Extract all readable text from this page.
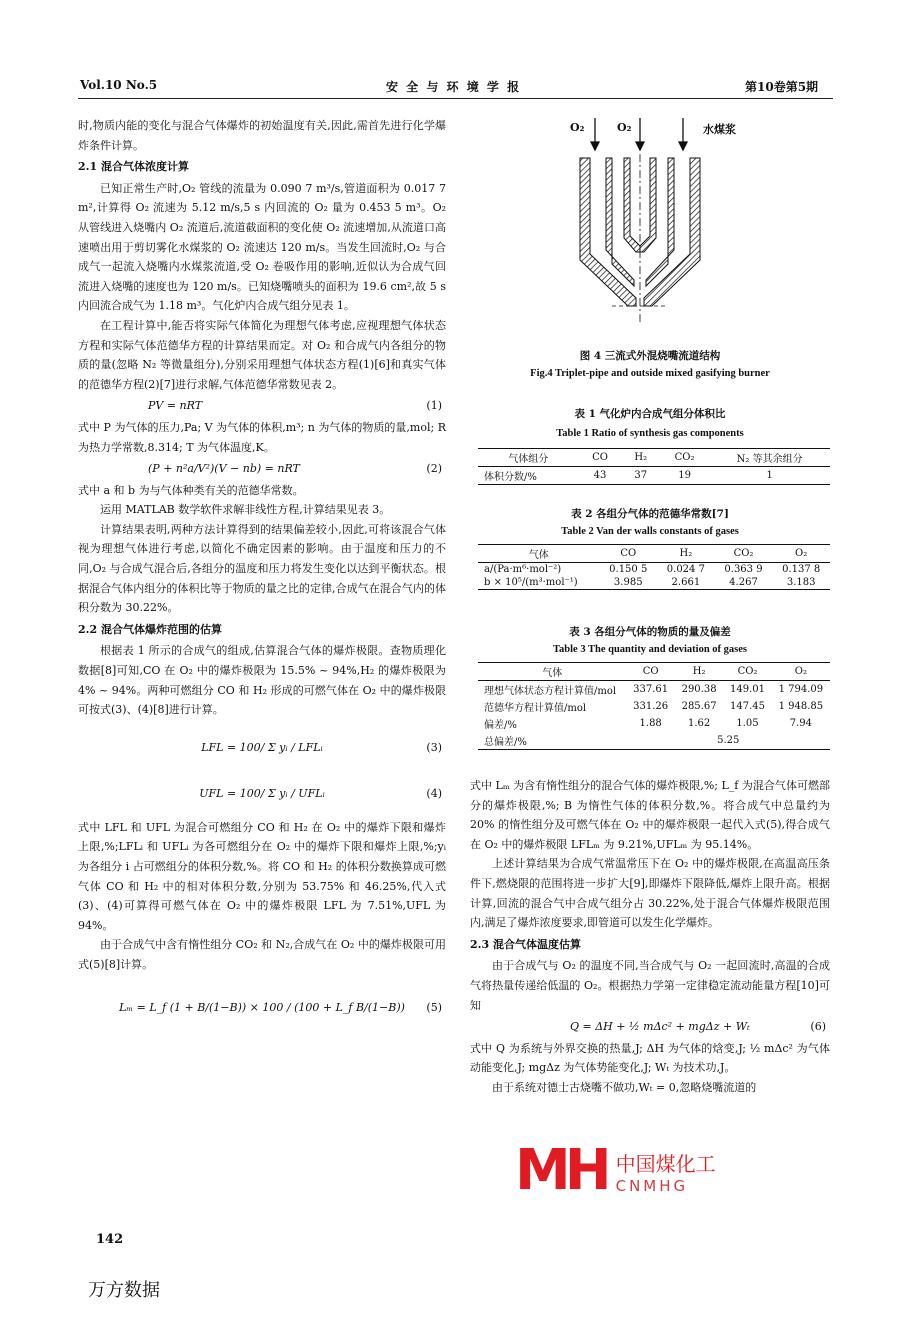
Vol.10 No.5	安 全 与 环 境 学 报	第10卷第5期

时,物质内能的变化与混合气体爆炸的初始温度有关,因此,需首先进行化学爆炸条件计算。

2.1 混合气体浓度计算

已知正常生产时,O₂ 管线的流量为 0.090 7 m³/s,管道面积为 0.017 7 m²,计算得 O₂ 流速为 5.12 m/s,5 s 内回流的 O₂ 量为 0.453 5 m³。O₂ 从管线进入烧嘴内 O₂ 流道后,流道截面积的变化使 O₂ 流速增加,从流道口高速喷出用于剪切雾化水煤浆的 O₂ 流速达 120 m/s。当发生回流时,O₂ 与合成气一起流入烧嘴内水煤浆流道,受 O₂ 卷吸作用的影响,近似认为合成气回流进入烧嘴的速度也为 120 m/s。已知烧嘴喷头的面积为 19.6 cm²,故 5 s 内回流合成气为 1.18 m³。气化炉内合成气组分见表 1。

在工程计算中,能否将实际气体简化为理想气体考虑,应视理想气体状态方程和实际气体范德华方程的计算结果而定。对 O₂ 和合成气内各组分的物质的量(忽略 N₂ 等微量组分),分别采用理想气体状态方程(1)[6]和真实气体的范德华方程(2)[7]进行求解,气体范德华常数见表 2。

PV = nRT	(1)

式中 P 为气体的压力,Pa; V 为气体的体积,m³; n 为气体的物质的量,mol; R 为热力学常数,8.314; T 为气体温度,K。

(P + n²a/V²)(V − nb) = nRT	(2)

式中 a 和 b 为与气体种类有关的范德华常数。

运用 MATLAB 数学软件求解非线性方程,计算结果见表 3。

计算结果表明,两种方法计算得到的结果偏差较小,因此,可将该混合气体视为理想气体进行考虑,以简化不确定因素的影响。由于温度和压力的不同,O₂ 与合成气混合后,各组分的温度和压力将发生变化以达到平衡状态。根据混合气体内组分的体积比等于物质的量之比的定律,合成气在混合气内的体积分数为 30.22%。

2.2 混合气体爆炸范围的估算

根据表 1 所示的合成气的组成,估算混合气体的爆炸极限。查物质理化数据[8]可知,CO 在 O₂ 中的爆炸极限为 15.5% ~ 94%,H₂ 的爆炸极限为 4% ~ 94%。两种可燃组分 CO 和 H₂ 形成的可燃气体在 O₂ 中的爆炸极限可按式(3)、(4)[8]进行计算。

LFL = 100/ Σ yᵢ / LFLᵢ	(3)
UFL = 100/ Σ yᵢ / UFLᵢ	(4)

式中 LFL 和 UFL 为混合可燃组分 CO 和 H₂ 在 O₂ 中的爆炸下限和爆炸上限,%;LFLᵢ 和 UFLᵢ 为各可燃组分在 O₂ 中的爆炸下限和爆炸上限,%;yᵢ 为各组分 i 占可燃组分的体积分数,%。将 CO 和 H₂ 的体积分数换算成可燃气体 CO 和 H₂ 中的相对体积分数,分别为 53.75% 和 46.25%,代入式(3)、(4)可算得可燃气体在 O₂ 中的爆炸极限 LFL 为 7.51%,UFL 为 94%。

由于合成气中含有惰性组分 CO₂ 和 N₂,合成气在 O₂ 中的爆炸极限可用式(5)[8]计算。

Lₘ = L_f (1 + B/(1−B)) × 100 / (100 + L_f B/(1−B)) (5)
O₂	O₂	水煤浆
图 4 三流式外混烧嘴流道结构
Fig.4 Triplet-pipe and outside mixed gasifying burner
表 1 气化炉内合成气组分体积比
Table 1 Ratio of synthesis gas components
气体组分	CO	H₂	CO₂	N₂ 等其余组分
体积分数/%	43	37	19	1
表 2 各组分气体的范德华常数[7]
Table 2 Van der walls constants of gases
气体	CO	H₂	CO₂	O₂
a/(Pa·m⁶·mol⁻²)	0.150 5	0.024 7	0.363 9	0.137 8
b × 10⁵/(m³·mol⁻¹)	3.985	2.661	4.267	3.183
表 3 各组分气体的物质的量及偏差
Table 3 The quantity and deviation of gases
气体	CO	H₂	CO₂	O₂
理想气体状态方程计算值/mol	337.61	290.38	149.01	1 794.09
范德华方程计算值/mol	331.26	285.67	147.45	1 948.85
偏差/%	1.88	1.62	1.05	7.94
总偏差/%	5.25			

式中 Lₘ 为含有惰性组分的混合气体的爆炸极限,%; L_f 为混合气体可燃部分的爆炸极限,%; B 为惰性气体的体积分数,%。将合成气中总量约为 20% 的惰性组分及可燃气体在 O₂ 中的爆炸极限一起代入式(5),得合成气在 O₂ 中的爆炸极限 LFLₘ 为 9.21%,UFLₘ 为 95.14%。

上述计算结果为合成气常温常压下在 O₂ 中的爆炸极限,在高温高压条件下,燃烧限的范围将进一步扩大[9],即爆炸下限降低,爆炸上限升高。根据计算,回流的混合气中合成气组分占 30.22%,处于混合气体爆炸极限范围内,满足了爆炸浓度要求,即管道可以发生化学爆炸。

2.3 混合气体温度估算

由于合成气与 O₂ 的温度不同,当合成气与 O₂ 一起回流时,高温的合成气将热量传递给低温的 O₂。根据热力学第一定律稳定流动能量方程[10]可知

Q = ΔH + ½ mΔc² + mgΔz + Wₜ	(6)

式中 Q 为系统与外界交换的热量,J; ΔH 为气体的焓变,J; ½ mΔc² 为气体动能变化,J; mgΔz 为气体势能变化,J; Wₜ 为技术功,J。

由于系统对德士古烧嘴不做功,Wₜ = 0,忽略烧嘴流道的

MH 中国煤化工
CNMHG
142
万方数据
